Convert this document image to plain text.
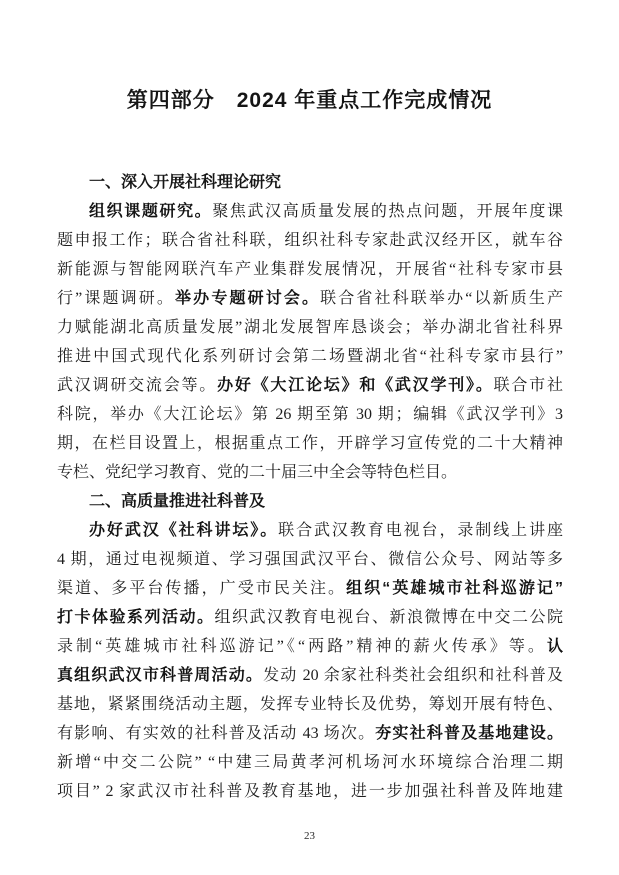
第四部分　2024 年重点工作完成情况
一、深入开展社科理论研究
组织课题研究。聚焦武汉高质量发展的热点问题，开展年度课
题申报工作；联合省社科联，组织社科专家赴武汉经开区，就车谷
新能源与智能网联汽车产业集群发展情况，开展省“社科专家市县
行”课题调研。举办专题研讨会。联合省社科联举办“以新质生产
力赋能湖北高质量发展”湖北发展智库恳谈会；举办湖北省社科界
推进中国式现代化系列研讨会第二场暨湖北省“社科专家市县行”
武汉调研交流会等。办好《大江论坛》和《武汉学刊》。联合市社
科院，举办《大江论坛》第 26 期至第 30 期；编辑《武汉学刊》3
期，在栏目设置上，根据重点工作，开辟学习宣传党的二十大精神
专栏、党纪学习教育、党的二十届三中全会等特色栏目。
二、高质量推进社科普及
办好武汉《社科讲坛》。联合武汉教育电视台，录制线上讲座
4 期，通过电视频道、学习强国武汉平台、微信公众号、网站等多
渠道、多平台传播，广受市民关注。组织“英雄城市社科巡游记”
打卡体验系列活动。组织武汉教育电视台、新浪微博在中交二公院
录制“英雄城市社科巡游记”《“两路”精神的薪火传承》等。认
真组织武汉市科普周活动。发动 20 余家社科类社会组织和社科普及
基地，紧紧围绕活动主题，发挥专业特长及优势，筹划开展有特色、
有影响、有实效的社科普及活动 43 场次。夯实社科普及基地建设。
新增“中交二公院” “中建三局黄孝河机场河水环境综合治理二期
项目” 2 家武汉市社科普及教育基地，进一步加强社科普及阵地建
23
